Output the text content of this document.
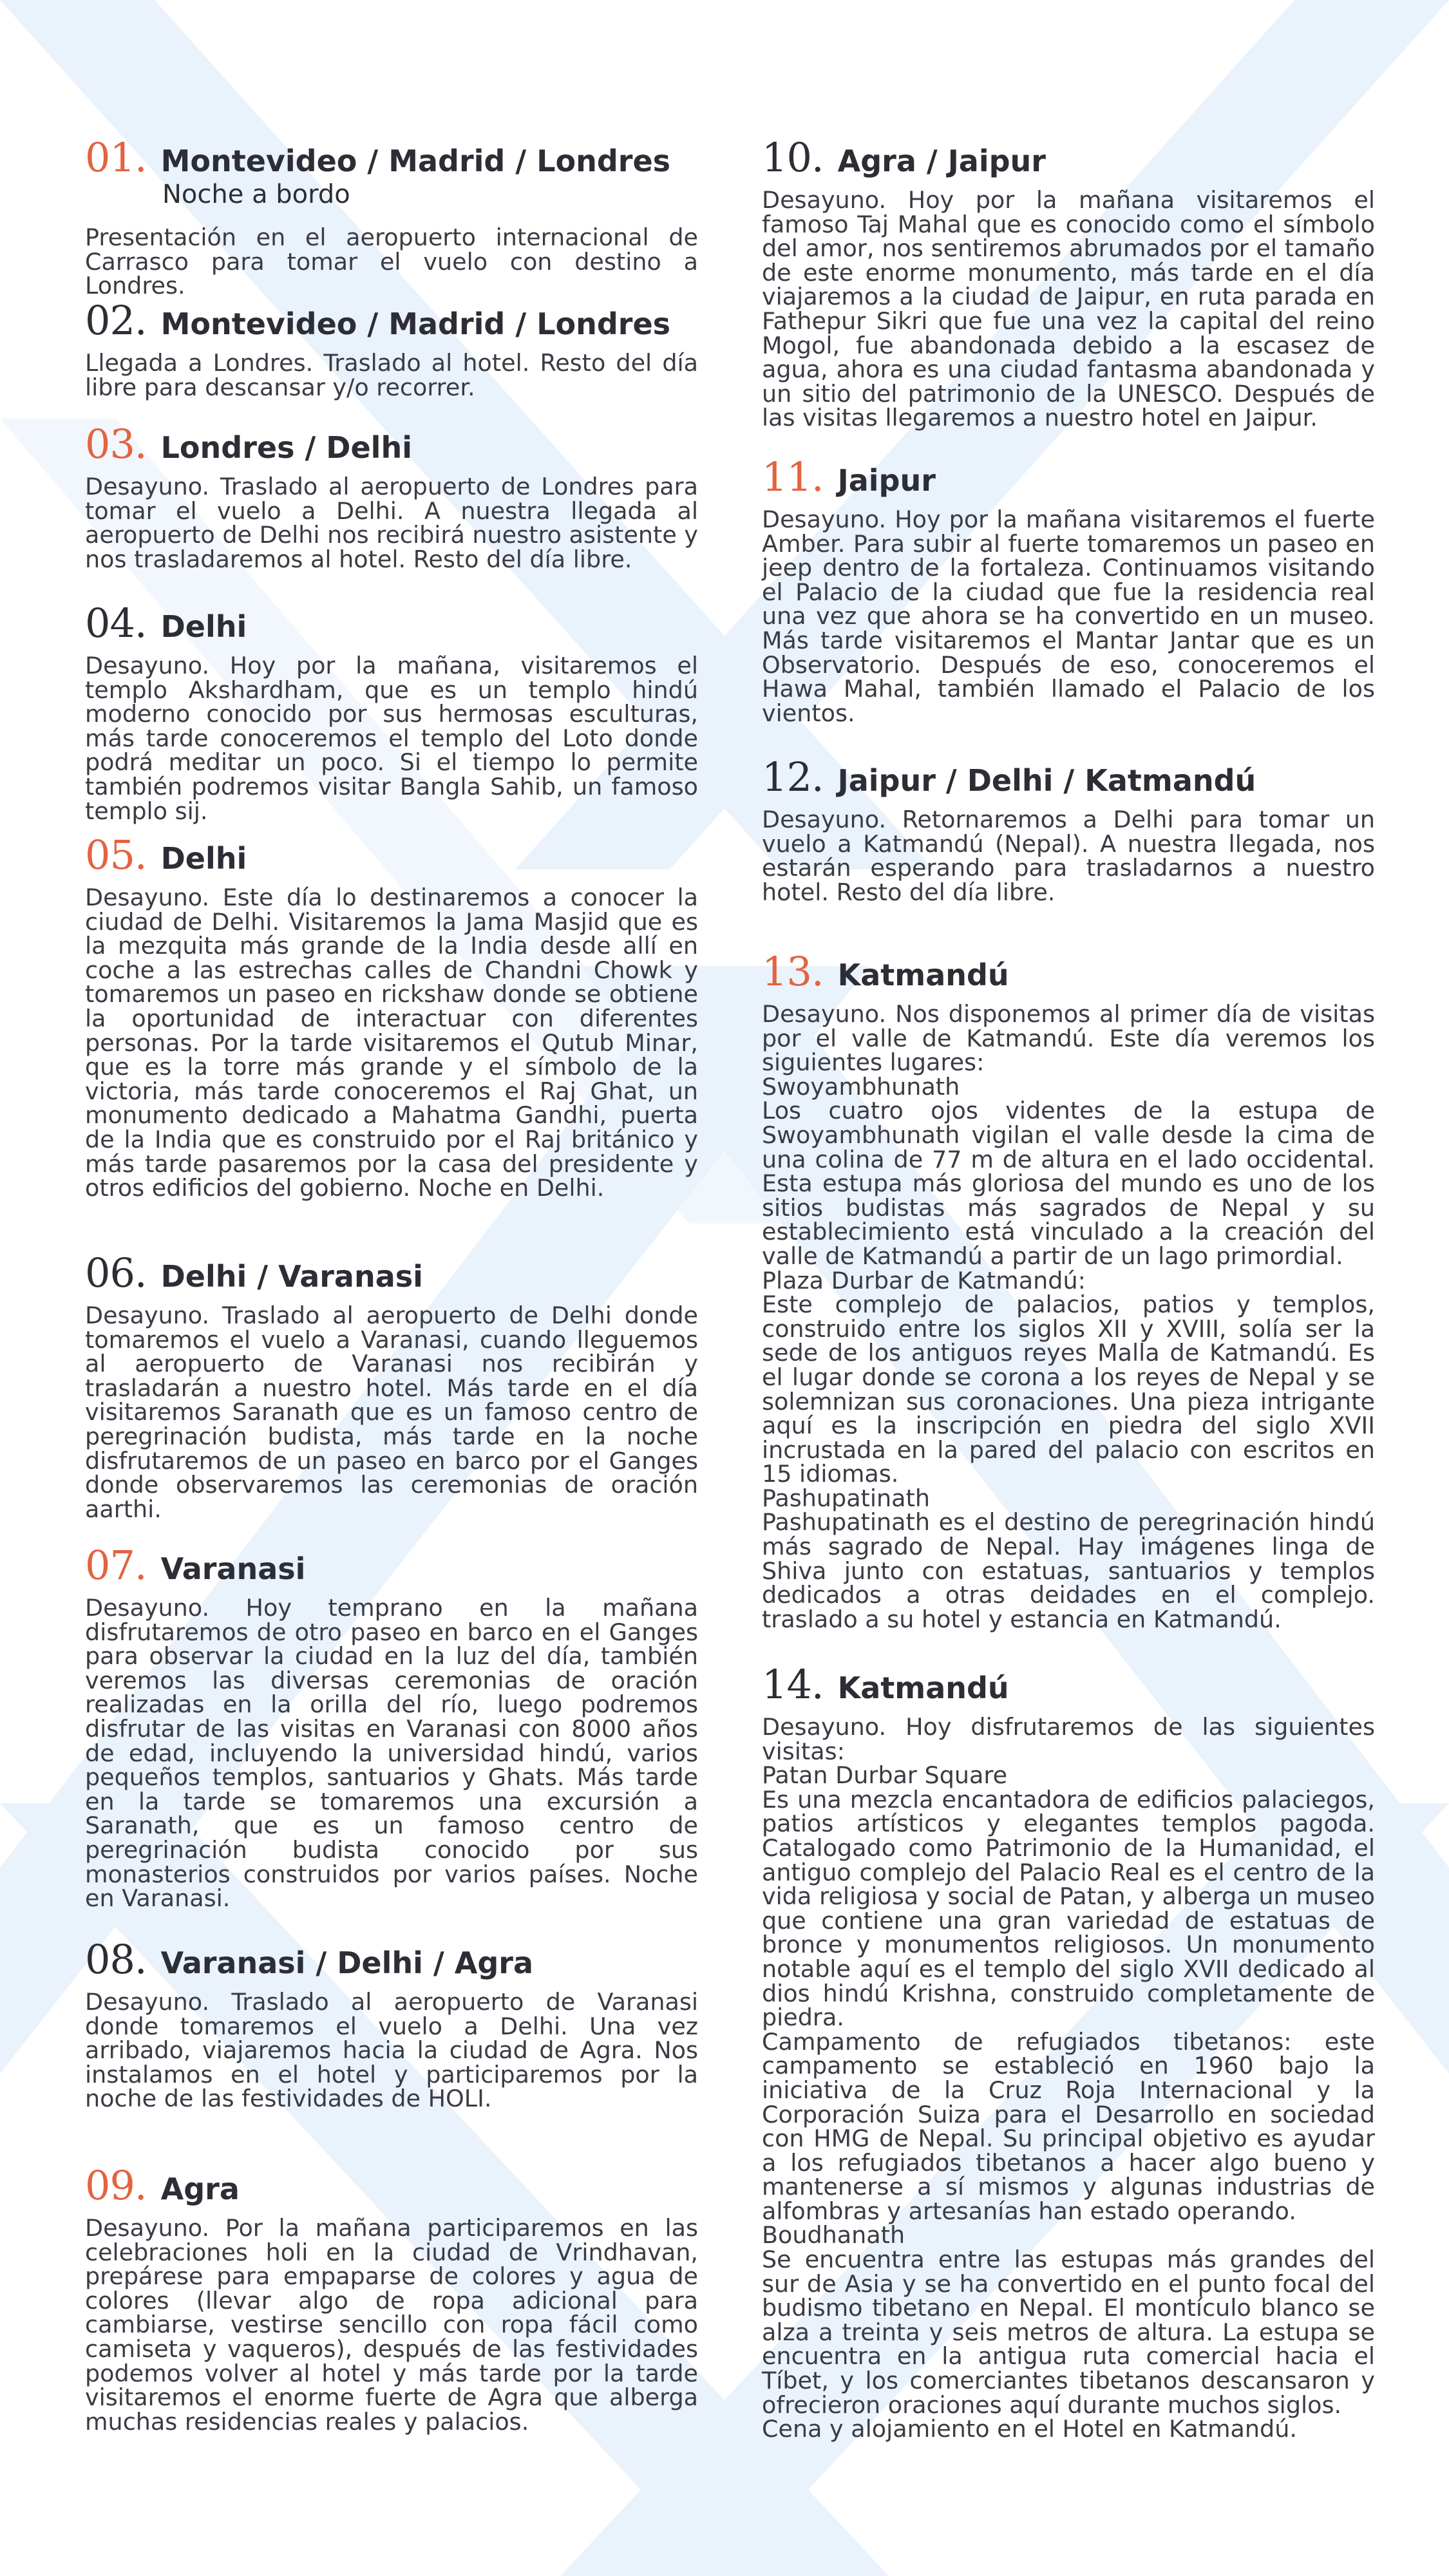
01. Montevideo / Madrid / Londres
Noche a bordo
Presentación en el aeropuerto internacional de Carrasco para tomar el vuelo con destino a Londres.
02. Montevideo / Madrid / Londres
Llegada a Londres. Traslado al hotel. Resto del día libre para descansar y/o recorrer.
03. Londres / Delhi
Desayuno. Traslado al aeropuerto de Londres para tomar el vuelo a Delhi. A nuestra llegada al aeropuerto de Delhi nos recibirá nuestro asistente y nos trasladaremos al hotel. Resto del día libre.
04. Delhi
Desayuno. Hoy por la mañana, visitaremos el templo Akshardham, que es un templo hindú moderno conocido por sus hermosas esculturas, más tarde conoceremos el templo del Loto donde podrá meditar un poco. Si el tiempo lo permite también podremos visitar Bangla Sahib, un famoso templo sij.
05. Delhi
Desayuno. Este día lo destinaremos a conocer la ciudad de Delhi. Visitaremos la Jama Masjid que es la mezquita más grande de la India desde allí en coche a las estrechas calles de Chandni Chowk y tomaremos un paseo en rickshaw donde se obtiene la oportunidad de interactuar con diferentes personas. Por la tarde visitaremos el Qutub Minar, que es la torre más grande y el símbolo de la victoria, más tarde conoceremos el Raj Ghat, un monumento dedicado a Mahatma Gandhi, puerta de la India que es construido por el Raj británico y más tarde pasaremos por la casa del presidente y otros edificios del gobierno. Noche en Delhi.
06. Delhi / Varanasi
Desayuno. Traslado al aeropuerto de Delhi donde tomaremos el vuelo a Varanasi, cuando lleguemos al aeropuerto de Varanasi nos recibirán y trasladarán a nuestro hotel. Más tarde en el día visitaremos Saranath que es un famoso centro de peregrinación budista, más tarde en la noche disfrutaremos de un paseo en barco por el Ganges donde observaremos las ceremonias de oración aarthi.
07. Varanasi
Desayuno. Hoy temprano en la mañana disfrutaremos de otro paseo en barco en el Ganges para observar la ciudad en la luz del día, también veremos las diversas ceremonias de oración realizadas en la orilla del río, luego podremos disfrutar de las visitas en Varanasi con 8000 años de edad, incluyendo la universidad hindú, varios pequeños templos, santuarios y Ghats. Más tarde en la tarde se tomaremos una excursión a Saranath, que es un famoso centro de peregrinación budista conocido por sus monasterios construidos por varios países. Noche en Varanasi.
08. Varanasi / Delhi / Agra
Desayuno. Traslado al aeropuerto de Varanasi donde tomaremos el vuelo a Delhi. Una vez arribado, viajaremos hacia la ciudad de Agra. Nos instalamos en el hotel y participaremos por la noche de las festividades de HOLI.
09. Agra
Desayuno. Por la mañana participaremos en las celebraciones holi en la ciudad de Vrindhavan, prepárese para empaparse de colores y agua de colores (llevar algo de ropa adicional para cambiarse, vestirse sencillo con ropa fácil como camiseta y vaqueros), después de las festividades podemos volver al hotel y más tarde por la tarde visitaremos el enorme fuerte de Agra que alberga muchas residencias reales y palacios.
10. Agra / Jaipur
Desayuno. Hoy por la mañana visitaremos el famoso Taj Mahal que es conocido como el símbolo del amor, nos sentiremos abrumados por el tamaño de este enorme monumento, más tarde en el día viajaremos a la ciudad de Jaipur, en ruta parada en Fathepur Sikri que fue una vez la capital del reino Mogol, fue abandonada debido a la escasez de agua, ahora es una ciudad fantasma abandonada y un sitio del patrimonio de la UNESCO. Después de las visitas llegaremos a nuestro hotel en Jaipur.
11. Jaipur
Desayuno. Hoy por la mañana visitaremos el fuerte Amber. Para subir al fuerte tomaremos un paseo en jeep dentro de la fortaleza. Continuamos visitando el Palacio de la ciudad que fue la residencia real una vez que ahora se ha convertido en un museo. Más tarde visitaremos el Mantar Jantar que es un Observatorio. Después de eso, conoceremos el Hawa Mahal, también llamado el Palacio de los vientos.
12. Jaipur / Delhi / Katmandú
Desayuno. Retornaremos a Delhi para tomar un vuelo a Katmandú (Nepal). A nuestra llegada, nos estarán esperando para trasladarnos a nuestro hotel. Resto del día libre.
13. Katmandú
Desayuno. Nos disponemos al primer día de visitas por el valle de Katmandú. Este día veremos los siguientes lugares:
Swoyambhunath
Los cuatro ojos videntes de la estupa de Swoyambhunath vigilan el valle desde la cima de una colina de 77 m de altura en el lado occidental. Esta estupa más gloriosa del mundo es uno de los sitios budistas más sagrados de Nepal y su establecimiento está vinculado a la creación del valle de Katmandú a partir de un lago primordial.
Plaza Durbar de Katmandú:
Este complejo de palacios, patios y templos, construido entre los siglos XII y XVIII, solía ser la sede de los antiguos reyes Malla de Katmandú. Es el lugar donde se corona a los reyes de Nepal y se solemnizan sus coronaciones. Una pieza intrigante aquí es la inscripción en piedra del siglo XVII incrustada en la pared del palacio con escritos en 15 idiomas.
Pashupatinath
Pashupatinath es el destino de peregrinación hindú más sagrado de Nepal. Hay imágenes linga de Shiva junto con estatuas, santuarios y templos dedicados a otras deidades en el complejo. traslado a su hotel y estancia en Katmandú.
14. Katmandú
Desayuno. Hoy disfrutaremos de las siguientes visitas:
Patan Durbar Square
Es una mezcla encantadora de edificios palaciegos, patios artísticos y elegantes templos pagoda. Catalogado como Patrimonio de la Humanidad, el antiguo complejo del Palacio Real es el centro de la vida religiosa y social de Patan, y alberga un museo que contiene una gran variedad de estatuas de bronce y monumentos religiosos. Un monumento notable aquí es el templo del siglo XVII dedicado al dios hindú Krishna, construido completamente de piedra.
Campamento de refugiados tibetanos: este campamento se estableció en 1960 bajo la iniciativa de la Cruz Roja Internacional y la Corporación Suiza para el Desarrollo en sociedad con HMG de Nepal. Su principal objetivo es ayudar a los refugiados tibetanos a hacer algo bueno y mantenerse a sí mismos y algunas industrias de alfombras y artesanías han estado operando.
Boudhanath
Se encuentra entre las estupas más grandes del sur de Asia y se ha convertido en el punto focal del budismo tibetano en Nepal. El montículo blanco se alza a treinta y seis metros de altura. La estupa se encuentra en la antigua ruta comercial hacia el Tíbet, y los comerciantes tibetanos descansaron y ofrecieron oraciones aquí durante muchos siglos.
Cena y alojamiento en el Hotel en Katmandú.
